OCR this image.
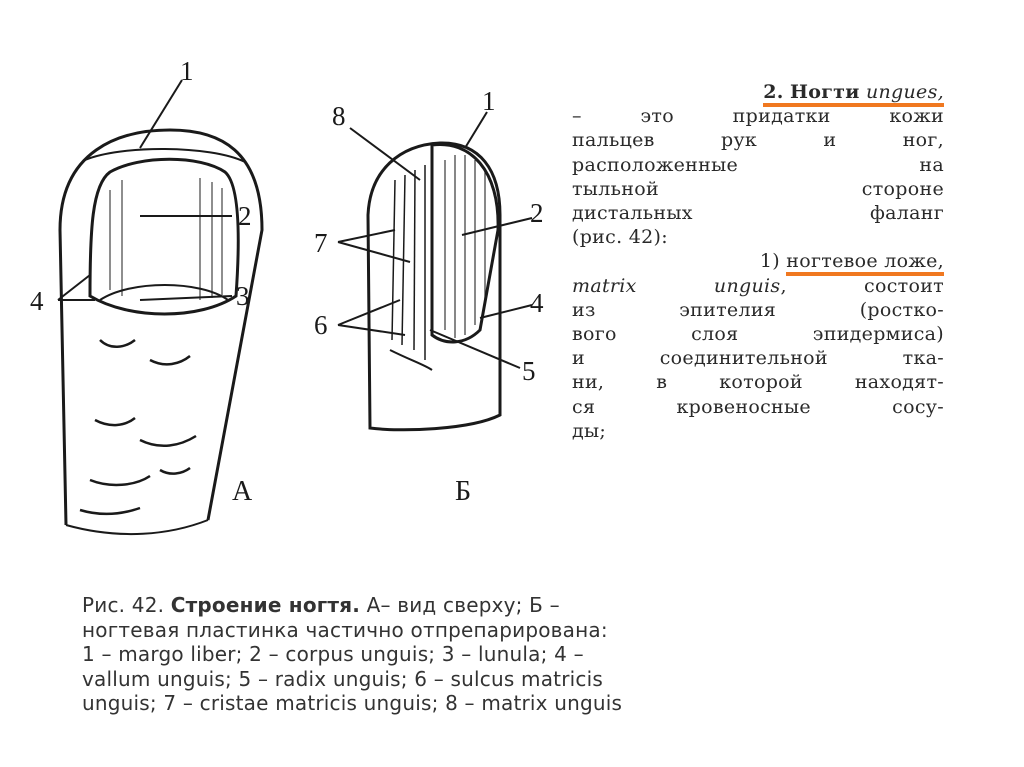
1
2
3
4
А
8	1
2
7
4
6
5
Б
2. Ногти ungues,
– это придатки кожи
пальцев рук и ног,
расположенные на
тыльной стороне
дистальных фаланг
(рис. 42):
1) ногтевое ложе,
matrix unguis, состоит
из эпителия (ростко-
вого слоя эпидермиса)
и соединительной тка-
ни, в которой находят-
ся кровеносные сосу-
ды;
Рис. 42. Строение ногтя. А– вид сверху; Б –
ногтевая пластинка частично отпрепарирована:
1 – margo liber; 2 – corpus unguis; 3 – lunula; 4 –
vallum unguis; 5 – radix unguis; 6 – sulcus matricis
unguis; 7 – cristae matricis unguis; 8 – matrix unguis
